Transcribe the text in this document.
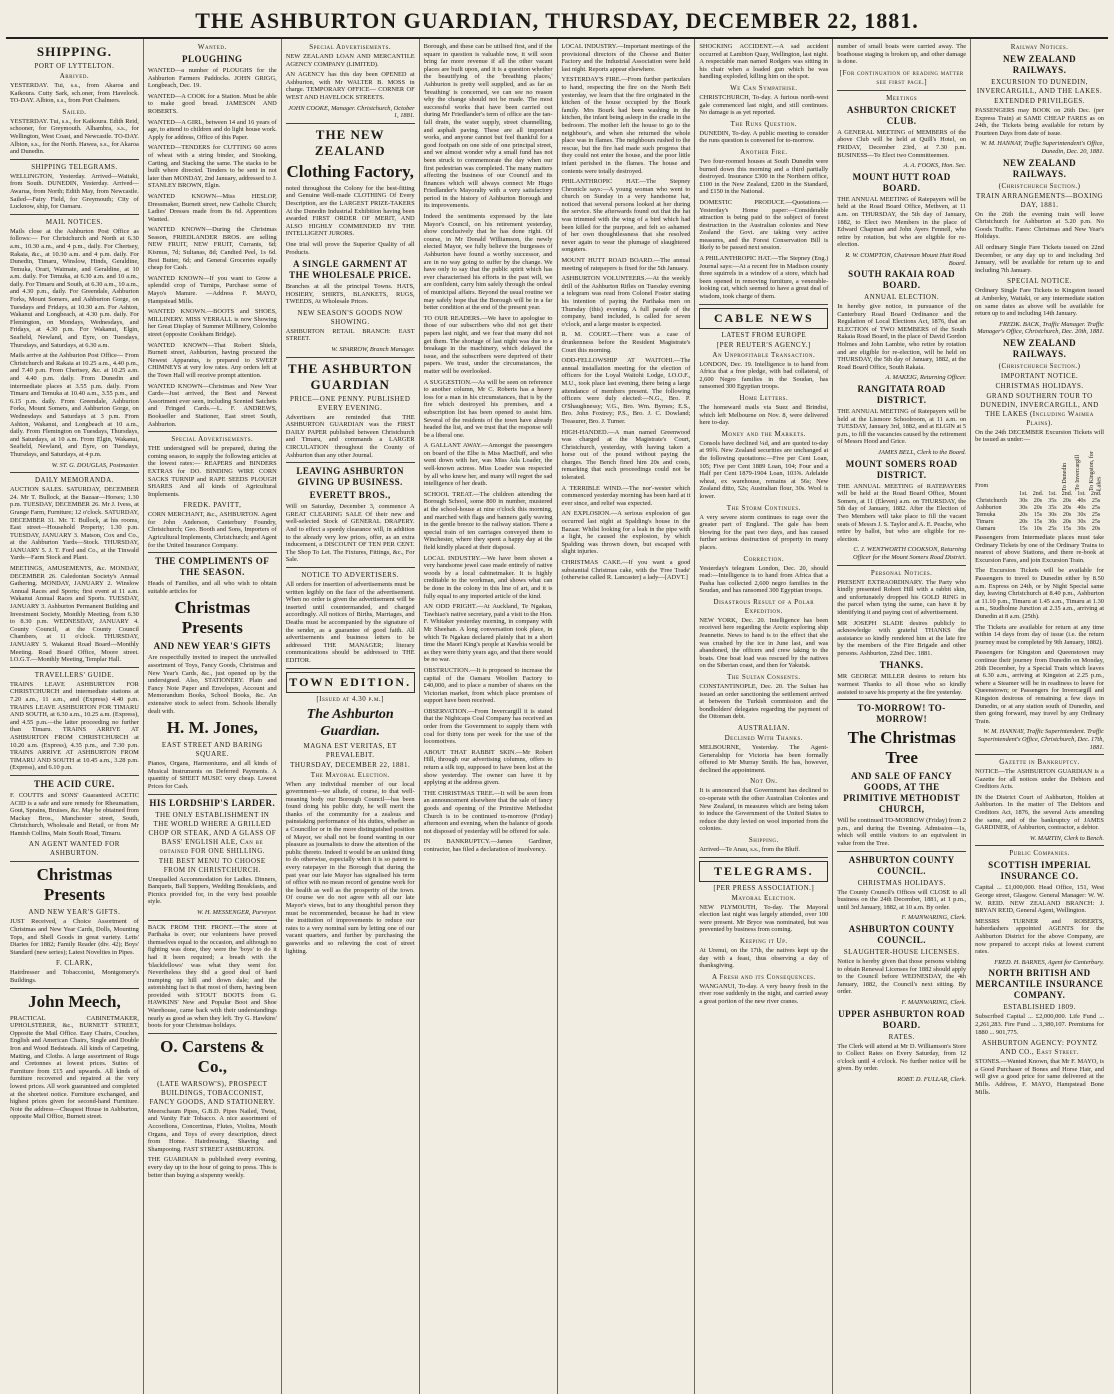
THE ASHBURTON GUARDIAN, THURSDAY, DECEMBER 22, 1881.
SHIPPING.
PORT OF LYTTELTON.
Arrived.
YESTERDAY. Tui, s.s., from Akaroa and Kaikoura. Cutty Sark, sch.oner, from Havelock. TO-DAY. Albion, s.s., from Port Chalmers.
Sailed.
YESTERDAY. Tui, s.s., for Kaikoura. Edith Reid, schooner, for Greymouth. Alhambra, s.s., for Wellington, West Coast, and Newcastle. TO-DAY. Albion, s.s., for the North. Hawea, s.s., for Akaroa and Dunedin.
SHIPPING TELEGRAMS.
WELLINGTON, Yesterday. Arrived—Waitaki, from South. DUNEDIN, Yesterday. Arrived—Awarua, from North; Edith May, from Newcastle. Sailed—Fairy Field, for Greymouth; City of Lucknow, ship, for Oamaru.
MAIL NOTICES.
Mails close at the Ashburton Post Office as follows:— For Christchurch and North at 6.30 a.m., 10.30 a.m., and 4 p.m., daily. For Chertsey, Rakaia, &c., at 10.30 a.m. and 4 p.m. daily. For Dunedin, Timaru, Winslow, Hinds, Geraldine, Temuka, Orari, Waimate, and Geraldine, at 10 a.m. daily. For Temuka, at 6.30 a.m. and 10 a.m., daily. For Timaru and South, at 6.30 a.m., 10 a.m., and 4.30 p.m., daily. For Greendale, Ashburton Forks, Mount Somers, and Ashburton Gorge, on Tuesdays and Fridays, at 10.30 a.m. For Ashton, Wakanui and Longbeach, at 4.30 p.m. daily. For Flemington, on Mondays, Wednesdays, and Fridays, at 4.30 p.m. For Wakanui, Elgin, Seafield, Newland, and Eyre, on Tuesdays, Thursdays, and Saturdays, at 6.30 a.m.
Mails arrive at the Ashburton Post Office— From Christchurch and Rakaia at 10.25 a.m., 4.40 p.m., and 7.40 p.m. From Chertsey, &c. at 10.25 a.m. and 4.40 p.m. daily. From Dunedin and intermediate places at 3.55 p.m. daily. From Timaru and Temuka at 10.40 a.m., 3.55 p.m., and 6.15 p.m. daily. From Greendale, Ashburton Forks, Mount Somers, and Ashburton Gorge, on Wednesdays and Saturdays at 3 p.m. From Ashton, Wakanui, and Longbeach at 10 a.m., daily. From Flemington on Tuesdays, Thursdays, and Saturdays, at 10 a.m. From Elgin, Wakanui, Seafield, Newland, and Eyre, on Tuesdays, Thursdays, and Saturdays, at 4 p.m.
W. ST. G. DOUGLAS, Postmaster.
DAILY MEMORANDA.
AUCTION SALES. SATURDAY, DECEMBER 24. Mr T. Bullock, at the Bazaar—Horses; 1.30 p.m. TUESDAY, DECEMBER 26. Mr J. Ivess, at Grange Farm, Furniture; 12 o'clock. SATURDAY, DECEMBER 31. Mr. T. Bullock, at his rooms, East street—Household Property; 1.30 p.m. TUESDAY, JANUARY 3. Matson, Cox and Co., at the Ashburton Yards—Stock. THURSDAY, JANUARY 5. J. T. Ford and Co., at the Tinwald Yards—Farm Stock and Plant.
MEETINGS, AMUSEMENTS, &c. MONDAY, DECEMBER 26. Caledonian Society's Annual Gathering. MONDAY, JANUARY 2. Winslow Annual Races and Sports; first event at 11 a.m. Wakanui Annual Races and Sports. TUESDAY, JANUARY 3. Ashburton Permanent Building and Investment Society, Monthly Meeting, from 6.30 to 8.30 p.m. WEDNESDAY, JANUARY 4. County Council, at the County Council Chambers, at 11 o'clock. THURSDAY, JANUARY 5. Wakanui Road Board—Monthly Meeting. Road Board Office, Moore street. I.O.G.T.—Monthly Meeting, Templar Hall.
TRAVELLERS' GUIDE.
TRAINS LEAVE ASHBURTON FOR CHRISTCHURCH and intermediate stations at 7.20 a.m., 11 a.m., and (Express) 4.40 p.m. TRAINS LEAVE ASHBURTON FOR TIMARU AND SOUTH, at 6.30 a.m., 10.25 a.m. (Express), and 4.55 p.m.—the latter proceeding no further than Timaru. TRAINS ARRIVE AT ASHBURTON FROM CHRISTCHURCH at 10.20 a.m. (Express), 4.35 p.m., and 7.30 p.m. TRAINS ARRIVE AT ASHBURTON FROM TIMARU AND SOUTH at 10.45 a.m., 3.28 p.m. (Express), and 6.10 p.m.
THE ACID CURE.
F. COUTTS and SONS' Guaranteed ACETIC ACID is a safe and sure remedy for Rheumatism, Gout, Sprains, Bruises, &c. May be obtained from Mackay Bros., Manchester street, South, Christchurch, Wholesale and Retail, or from Mr Hamish Collins, Main South Road, Timaru.
AN AGENT WANTED FOR ASHBURTON.
Christmas Presents
AND NEW YEAR'S GIFTS.
JUST Received, a Choice Assortment of Christmas and New Year Cards, Dolls, Mounting Tops, and Shell Goods in great variety. Letts' Diaries for 1882; Family Reader (div. 42); Boys' Standard (new series); Latest Novelties in Pipes.
F. CLARK,
Hairdresser and Tobacconist, Montgomery's Buildings.
John Meech,
PRACTICAL CABINETMAKER, UPHOLSTERER, &c., BURNETT STREET, Opposite the Mail Office. Easy Chairs, Couches, English and American Chairs, Single and Double Iron and Wood Bedsteads. All kinds of Carpeting, Matting, and Cloths. A large assortment of Rugs and Cretonnes at lowest prices. Suites of Furniture from £15 and upwards. All kinds of furniture recovered and repaired at the very lowest prices. All work guaranteed and completed at the shortest notice. Furniture exchanged, and highest prices given for second-hand Furniture. Note the address—Cheapest House in Ashburton, opposite Mail Office, Burnett street.
Wanted.
PLOUGHING
WANTED—a number of PLOUGHS for the Ashburton Farmers Paddocks. JOHN GRIGG, Longbeach, Dec. 19.
WANTED—A COOK for a Station. Must be able to make good bread. JAMESON AND ROBERTS.
WANTED—A GIRL, between 14 and 16 years of age, to attend to children and do light house work. Apply for address, Office of this Paper.
WANTED—TENDERS for CUTTING 60 acres of wheat with a string binder, and Stooking, Carting, and Stacking the same. The stacks to be built where directed. Tenders to be sent in not later than MONDAY, 2nd January, addressed to J. STANLEY BROWN, Elgin.
WANTED KNOWN—Miss HESLOP, Dressmaker, Burnett street, new Catholic Church; Ladies' Dresses made from 8s 6d. Apprentices Wanted.
WANTED KNOWN—During the Christmas Season, FRIEDLANDER BROS. are selling NEW FRUIT, NEW FRUIT, Currants, 6d; Kismus, 7d; Sultanas, 8d; Candied Peel, 1s 6d. Best Butter, 6d; and General Groceries equally cheap for Cash.
WANTED KNOWN—If you want to Grow a splendid crop of Turnips, Purchase some of Mayo's Manure. —Address F. MAYO, Hampstead Mills.
WANTED KNOWN.—BOOTS and SHOES, MILLINERY. MISS VERRALL is now Showing her Great Display of Summer Millinery, Colombo street (opposite Cookham Bridge).
WANTED KNOWN—That Robert Shiels, Burnett street, Ashburton, having procured the Newest Apparatus, is prepared to SWEEP CHIMNEYS at very low rates. Any orders left at the Town Hall will receive prompt attention.
WANTED KNOWN—Christmas and New Year Cards—Just arrived, the Best and Newest Assortment ever seen, including Scented Satchets and Fringed Cards.—L. F. ANDREWS, Bookseller and Stationer, East street South, Ashburton.
Special Advertisements.
THE undersigned will be prepared, during the coming season, to supply the following articles at the lowest rates:— REAPERS and BINDERS EXTRAS for DO. BINDING WIRE CORN SACKS TURNIP and RAPE SEEDS PLOUGH SHARES And all kinds of Agricultural Implements.
FREDK. PAVITT,
CORN MERCHANT, &c., ASHBURTON. Agent for John Anderson, Canterbury Foundry, Christchurch; Geo. Booth and Sons, Importers of Agricultural Implements, Christchurch; and Agent for the United Insurance Company.
THE COMPLIMENTS OF THE SEASON.
Heads of Families, and all who wish to obtain suitable articles for
Christmas Presents
AND NEW YEAR'S GIFTS
Are respectfully invited to inspect the unrivalled assortment of Toys, Fancy Goods, Christmas and New Year's Cards, &c., just opened up by the undersigned. Also, STATIONERY. Plain and Fancy Note Paper and Envelopes, Account and Memorandum Books, School Books, &c. An extensive stock to select from. Schools liberally dealt with.
H. M. Jones,
EAST STREET AND BARING SQUARE.
Pianos, Organs, Harmoniums, and all kinds of Musical Instruments on Deferred Payments. A quantity of SHEET MUSIC very cheap. Lowest Prices for Cash.
HIS LORDSHIP'S LARDER.
THE ONLY ESTABLISHMENT IN THE WORLD WHERE A GRILLED CHOP OR STEAK, AND A GLASS OF BASS' ENGLISH ALE, Can be obtained FOR ONE SHILLING.
THE BEST MENU TO CHOOSE FROM IN CHRISTCHURCH.
Unequalled Accommodation for Ladies. Dinners, Banquets, Ball Suppers, Wedding Breakfasts, and Picnics provided for, in the very best possible style.
W. H. MESSENGER, Purveyor.
BACK FROM THE FRONT.—The store at Parihaka is over; our volunteers have proved themselves equal to the occasion, and although no fighting was done, they were the 'boys' to do it had it been required; a breath with the 'blackfellows' was what they went for. Nevertheless they did a good deal of hard tramping up hill and down dale; and the astonishing fact is that most of them, having been provided with STOUT BOOTS from G. HAWKINS' New and Popular Boot and Shoe Warehouse, came back with their understandings nearly as good as when they left. Try G. Hawkins' boots for your Christmas holidays.
O. Carstens & Co.,
(LATE WARSOW'S), PROSPECT BUILDINGS, TOBACCONIST, FANCY GOODS, AND STATIONERY.
Meerschaum Pipes, G.B.D. Pipes Nailed, Twist, and Vanity Fair Tobacco. A nice assortment of Accordions, Concertinas, Flutes, Violins, Mouth Organs, and Toys of every description, direct from Home. Hairdressing, Shaving and Shampooing. FAST STREET ASHBURTON.
THE GUARDIAN is published every evening, every day up to the hour of going to press. This is better than buying a sixpenny weekly.
Special Advertisements.
NEW ZEALAND LOAN AND MERCANTILE AGENCY COMPANY (LIMITED).
AN AGENCY has this day been OPENED at Ashburton, with Mr WALTER B. MOSS in charge. TEMPORARY OFFICE— CORNER OF WEST AND HAVELOCK STREETS.
JOHN COOKE, Manager. Christchurch, October 1, 1881.
THE NEW ZEALAND
Clothing Factory,
noted throughout the Colony for the best-fitting and Genuine Well-made CLOTHING Of Every Description, are the LARGEST PRIZE-TAKERS At the Dunedin Industrial Exhibition having been awarded FIRST ORDER OF MERIT, AND ALSO HIGHLY COMMENDED BY THE INTELLIGENT JURORS.
One trial will prove the Superior Quality of all Products.
A SINGLE GARMENT AT THE WHOLESALE PRICE.
Branches at all the principal Towns. HATS, HOSIERY, SHIRTS, BLANKETS, RUGS, TWEEDS, At Wholesale Prices.
NEW SEASON'S GOODS NOW SHOWING.
ASHBURTON RETAIL BRANCH: EAST STREET.
W. SPARROW, Branch Manager.
THE ASHBURTON GUARDIAN
PRICE—ONE PENNY. PUBLISHED EVERY EVENING.
Advertisers are reminded that THE ASHBURTON GUARDIAN was the FIRST DAILY PAPER published between Christchurch and Timaru, and commands a LARGER CIRCULATION throughout the County of Ashburton than any other Journal.
LEAVING ASHBURTON GIVING UP BUSINESS.
EVERETT BROS.,
Will on Saturday, December 3, commence A GREAT CLEARING SALE Of their new and well-selected Stock of GENERAL DRAPERY. And to effect a speedy clearance will, in addition to the already very low prices, offer, as an extra inducement, a DISCOUNT OF TEN PER CENT. The Shop To Let. The Fixtures, Fittings, &c., For Sale.
NOTICE TO ADVERTISERS.
All orders for insertion of advertisements must be written legibly on the face of the advertisement. When no order is given the advertisement will be inserted until countermanded, and charged accordingly. All notices of Births, Marriages, and Deaths must be accompanied by the signature of the sender, as a guarantee of good faith. All advertisements and business letters to be addressed THE MANAGER; literary communications should be addressed to THE EDITOR.
TOWN EDITION.
[Issued at 4.30 p.m.]
The Ashburton Guardian.
MAGNA EST VERITAS, ET PREVALEBIT.
THURSDAY, DECEMBER 22, 1881.
The Mayoral Election.
When any individual member of our local government—we allude, of course, to that well-meaning body our Borough Council—has been found doing his public duty, he will merit the thanks of the community for a zealous and painstaking performance of his duties, whether as a Councillor or in the more distinguished position of Mayor, we shall not be found wanting in our pleasure as journalists to draw the attention of the public thereto. Indeed it would be an unkind thing to do otherwise, especially when it is so patent to every ratepayer in the Borough that during the past year our late Mayor has signalised his term of office with no mean record of genuine work for the health as well as the prosperity of the town. Of course we do not agree with all our late Mayor's views, but to any thoughtful person they must be recommended, because he had in view the institution of improvements to reduce our rates to a very nominal sum by letting one of our vacant quarters, and further by purchasing the gasworks and so relieving the cost of street lighting.
Borough, and these can be utilised first, and if the square in question is valuable now, it will soon bring far more revenue if all the other vacant places are built upon, and it is a question whether the beautifying of the 'breathing places,' Ashburton is pretty well supplied, and as far as 'breathing' is concerned, we can see no reason why the change should not be made. The most successful works that have been carried out during Mr Friedlander's term of office are the tan-fall drain, the water supply, street channelling, and asphalt paving. These are all important works, and anyone cannot but feel thankful for a good footpath on one side of one principal street, and we almost wonder why a small fund has not been struck to commemorate the day when our first pedestrian was completed. The many matters affecting the business of our Council and its finances which will always connect Mr Hugo Friedlander's Mayoralty with a very satisfactory period in the history of Ashburton Borough and its improvements.
Indeed the sentiments expressed by the late Mayor's Council, on his retirement yesterday, show conclusively that he has done right. Of course, in Mr Donald Williamson, the newly elected Mayor, we fully believe the burgesses of Ashburton have found a worthy successor, and are in no way going to suffer by the change. We have only to say that the public spirit which has ever characterised his efforts in the past will, we are confident, carry him safely through the ordeal of municipal affairs. Beyond the usual routine we may safely hope that the Borough will be in a far better condition at the end of the present year.
TO OUR READERS.—We have to apologise to those of our subscribers who did not get their papers last night, and we fear that many did not get them. The shortage of last night was due to a breakage in the machinery, which delayed the issue, and the subscribers were deprived of their papers. We trust, under the circumstances, the matter will be overlooked.
A SUGGESTION.—As will be seen on reference to another column, Mr C. Roberts has a heavy loss for a man in his circumstances, that is by the fire which destroyed his premises, and a subscription list has been opened to assist him. Several of the residents of the town have already headed the list, and we trust that the response will be a liberal one.
A GALLANT AWAY.—Amongst the passengers on board of the Elbe is Miss MacDuff, and who went down with her, was Miss Ada Loader, the well-known actress. Miss Loader was respected by all who knew her, and many will regret the sad intelligence of her death.
SCHOOL TREAT.—The children attending the Borough School, some 800 in number, mustered at the school-house at nine o'clock this morning, and marched with flags and banners gaily waving in the gentle breeze to the railway station. There a special train of ten carriages conveyed them to Winchester, where they spent a happy day at the field kindly placed at their disposal.
LOCAL INDUSTRY.—We have been shown a very handsome jewel case made entirely of native woods by a local cabinetmaker. It is highly creditable to the workman, and shows what can be done in the colony in this line of art, and it is fully equal to any imported article of the kind.
AN ODD FRIGHT.—At Auckland, Te Ngakau, Tawhiao's native secretary, paid a visit to the Hon. F. Whitaker yesterday morning, in company with Mr Sheehan. A long conversation took place, in which Te Ngakau declared plainly that in a short time the Maori King's people at Kawhia would be as they were thirty years ago, and that there would be no war.
OBSTRUCTION.—It is proposed to increase the capital of the Oamaru Woollen Factory to £40,000, and to place a number of shares on the Victorian market, from which place promises of support have been received.
OBSERVATION.—From Invercargill it is stated that the Nightcaps Coal Company has received an order from the Government to supply them with coal for thirty tons per week for the use of the locomotives.
ABOUT THAT RABBIT SKIN.—Mr Robert Hill, through our advertising columns, offers to return a silk top, supposed to have been lost at the show yesterday. The owner can have it by applying at the address given.
THE CHRISTMAS TREE.—It will be seen from an announcement elsewhere that the sale of fancy goods and opening of the Primitive Methodist Church is to be continued to-morrow (Friday) afternoon and evening, when the balance of goods not disposed of yesterday will be offered for sale.
IN BANKRUPTCY.—James Gardiner, contractor, has filed a declaration of insolvency.
LOCAL INDUSTRY.—Important meetings of the provisional directors of the Cheese and Butter Factory and the Industrial Association were held last night. Reports appear elsewhere.
YESTERDAY'S FIRE.—From further particulars to hand, respecting the fire on the North Belt yesterday, we learn that the fire originated in the kitchen of the house occupied by the Bourk family. Mrs Bourk had been washing in the kitchen, the infant being asleep in the cradle in the bedroom. The mother left the house to go to the neighbour's, and when she returned the whole place was in flames. The neighbours rushed to the rescue, but the fire had made such progress that they could not enter the house, and the poor little infant perished in the flames. The house and contents were totally destroyed.
PHILANTHROPIC HAT.—The Stepney Chronicle says:—A young woman who went to church on Sunday in a very handsome hat, noticed that several persons looked at her during the service. She afterwards found out that the hat was trimmed with the wing of a bird which had been killed for the purpose, and felt so ashamed of her own thoughtlessness that she resolved never again to wear the plumage of slaughtered songsters.
MOUNT HUTT ROAD BOARD.—The annual meeting of ratepayers is fixed for the 5th January.
ASHBURTON VOLUNTEERS.—At the weekly drill of the Ashburton Rifles on Tuesday evening a telegram was read from Colonel Foster stating his intention of paying the Parihaka men on Thursday (this) evening. A full parade of the company, band included, is called for seven o'clock, and a large muster is expected.
R. M. COURT.—There was a case of drunkenness before the Resident Magistrate's Court this morning.
ODD-FELLOWSHIP AT WAITOHI.—The annual installation meeting for the election of officers for the Loyal Waitohi Lodge, I.O.O.F., M.U., took place last evening, there being a large attendance of members present. The following officers were duly elected:—N.G., Bro. P. O'Shaughnessy; V.G., Bro. Wm. Byrnes; E.S., Bro. John Foxtrey; P.S., Bro. J. C. Dowland; Treasurer, Bro. J. Turner.
HIGH-HANDED.—A man named Greenwood was charged at the Magistrate's Court, Christchurch, yesterday, with having taken a horse out of the pound without paying the charges. The Bench fined him 20s and costs, remarking that such proceedings could not be tolerated.
A TERRIBLE WIND.—The nor'-wester which commenced yesterday morning has been hard at it ever since, and relief was expected.
AN EXPLOSION.—A serious explosion of gas occurred last night at Spalding's house in the Bazaar. Whilst looking for a leak in the pipe with a light, he caused the explosion, by which Spalding was thrown down, but escaped with slight injuries.
CHRISTMAS CAKE.—If you want a good substantial Christmas cake, with the 'Free Trade' (otherwise called R. Lancaster) a lady—[ADVT.]
SHOCKING ACCIDENT.—A sad accident occurred at Lambton Quay, Wellington, last night. A respectable man named Rodgers was sitting in his chair when a loaded gun which he was handling exploded, killing him on the spot.
We Can Sympathise.
CHRISTCHURCH, To-day. A furious north-west gale commenced last night, and still continues. No damage is as yet reported.
The Runs Question.
DUNEDIN, To-day. A public meeting to consider the runs question is convened for to-morrow.
Another Fire.
Two four-roomed houses at South Dunedin were burned down this morning and a third partially destroyed. Insurance £300 in the Northern office, £100 in the New Zealand, £200 in the Standard, and £150 in the National.
DOMESTIC PRODUCE.—Quotations.—Yesterday's Home paper:—Considerable attraction is being paid to the subject of forest destruction in the Australian colonies and New Zealand the Govt. are taking very active measures, and the Forest Conservation Bill is likely to be passed next session.
A PHILANTHROPIC HAT.—The Stepney (Eng.) Journal says:—At a recent fire in Madison county three squirrels in a window of a store, which had been opened in removing furniture, a venerable-looking cat, which seemed to have a great deal of wisdom, took charge of them.
CABLE NEWS
LATEST FROM EUROPE
[PER REUTER'S AGENCY.]
An Unprofitable Transaction.
LONDON, Dec. 19. Intelligence is to hand from Africa that a free pledge, with bad collateral, of 2,600 Negro families in the Soudan, has ransomed 300 Egyptian troops.
Home Letters.
The homeward mails via Suez and Brindisi, which left Melbourne on Nov. 8, were delivered here to-day.
Money and the Markets.
Consols have declined ¼d, and are quoted to-day at 99¾. New Zealand securities are unchanged at the following quotations:—Five per Cent Loan, 105; Five per Cent 1889 Loan, 104; Four and a Half per Cent 1879-1904 Loan, 103⅝. Adelaide wheat, ex warehouse, remains at 56s; New Zealand ditto, 52s; Australian flour, 30s. Wool is lower.
The Storm Continues.
A very severe storm continues to rage over the greater part of England. The gale has been blowing for the past two days, and has caused further serious destruction of property in many places.
Correction.
Yesterday's telegram London, Dec. 20, should read:—Intelligence is to hand from Africa that a Pasha has collected 2,600 negro families in the Soudan, and has ransomed 300 Egyptian troops.
Disastrous Result of a Polar Expedition.
NEW YORK, Dec. 20. Intelligence has been received here regarding the Arctic exploring ship Jeannette. News to hand is to the effect that she was crushed by the ice in June last, and was abandoned, the officers and crew taking to the boats. One boat load was rescued by the natives on the Siberian coast, and then for Yakutsk.
The Sultan Consents.
CONSTANTINOPLE, Dec. 20. The Sultan has issued an order sanctioning the settlement arrived at between the Turkish commission and the bondholders' delegates regarding the payment of the Ottoman debt.
AUSTRALIAN.
Declined With Thanks.
MELBOURNE, Yesterday. The Agent-Generalship for Victoria has been formally offered to Mr Murray Smith. He has, however, declined the appointment.
Not On.
It is announced that Government has declined to co-operate with the other Australian Colonies and New Zealand, in measures which are being taken to induce the Government of the United States to reduce the duty levied on wool imported from the colonies.
Shipping.
Arrived—Te Anau, s.s., from the Bluff.
TELEGRAMS.
[PER PRESS ASSOCIATION.]
Mayoral Election.
NEW PLYMOUTH, To-day. The Mayoral election last night was largely attended, over 100 were present. Mr Bryce was nominated, but was prevented by business from coming.
Keeping it Up.
At Urenui, on the 17th, the natives kept up the day with a feast, thus observing a day of thanksgiving.
A Fresh and its Consequences.
WANGANUI, To-day. A very heavy fresh in the river rose suddenly in the night, and carried away a great portion of the new river cranes.
number of small boats were carried away. The boathouse staging is broken up, and other damage is done.
[For continuation of reading matter see first page.]
Meetings
ASHBURTON CRICKET CLUB.
A GENERAL MEETING of MEMBERS of the above Club will be held at Quill's Hotel, on FRIDAY, December 23rd, at 7.30 p.m. BUSINESS—To Elect two Committeemen.
A. A. FOOKS, Hon. Sec.
MOUNT HUTT ROAD BOARD.
THE ANNUAL MEETING of Ratepayers will be held at the Road Board Office, Methven, at 11 a.m. on THURSDAY, the 5th day of January, 1882, to Elect two Members in the place of Edward Chapman and John Ayers Fennell, who retire by rotation, but who are eligible for re-election.
R. W. COMPTON, Chairman Mount Hutt Road Board.
SOUTH RAKAIA ROAD BOARD.
ANNUAL ELECTION.
In hereby give notice, in pursuance of the Canterbury Road Board Ordinance and the Regulation of Local Elections Act, 1876, that an ELECTION of TWO MEMBERS of the South Rakaia Road Board, in the place of David Gordon Holmes and John Lambie, who retire by rotation and are eligible for re-election, will be held on THURSDAY, the 5th day of January, 1882, at the Road Board Office, South Rakaia.
A. MAKEIG, Returning Officer.
RANGITATA ROAD DISTRICT.
THE ANNUAL MEETING of Ratepayers will be held at the Lismore Schoolroom, at 11 a.m. on TUESDAY, January 3rd, 1882, and at ELGIN at 5 p.m., to fill the vacancies caused by the retirement of Messrs Hood and Grice.
JAMES BELL, Clerk to the Board.
MOUNT SOMERS ROAD DISTRICT.
THE ANNUAL MEETING of RATEPAYERS will be held at the Road Board Office, Mount Somers, at 11 (Eleven) a.m. on THURSDAY, the 5th day of January, 1882. After the Election of Two Members will take place to fill the vacant seats of Messrs J. S. Taylor and A. E. Peache, who retire by ballot, but who are eligible for re-election.
C. J. WENTWORTH COOKSON, Returning Officer for the Mount Somers Road District.
Personal Notices.
PRESENT EXTRAORDINARY. The Party who kindly presented Robert Hill with a rabbit skin, and unfortunately dropped his GOLD RING in the parcel when tying the same, can have it by identifying it and paying cost of advertisement.
MR JOSEPH SLADE desires publicly to acknowledge with grateful THANKS the assistance so kindly rendered him at the late fire by the members of the Fire Brigade and other persons. Ashburton, 22nd Dec. 1881.
THANKS.
MR GEORGE MILLER desires to return his warmest Thanks to all those who so kindly assisted to save his property at the fire yesterday.
TO-MORROW! TO-MORROW!
The Christmas Tree
AND SALE OF FANCY GOODS, AT THE PRIMITIVE METHODIST CHURCH,
Will be continued TO-MORROW (Friday) from 2 p.m., and during the Evening. Admission—1s, which will entitle visitors to an equivalent in value from the Tree.
ASHBURTON COUNTY COUNCIL.
CHRISTMAS HOLIDAYS.
The County Council's Offices will CLOSE to all business on the 24th December, 1881, at 1 p.m., until 3rd January, 1882, at 10 a.m. By order.
F. MAINWARING, Clerk.
ASHBURTON COUNTY COUNCIL.
SLAUGHTER-HOUSE LICENSES.
Notice is hereby given that those persons wishing to obtain Renewal Licenses for 1882 should apply to the Council before WEDNESDAY, the 4th January, 1882, the Council's next sitting. By order.
F. MAINWARING, Clerk.
UPPER ASHBURTON ROAD BOARD.
RATES.
The Clerk will attend at Mr D. Williamson's Store to Collect Rates on Every Saturday, from 12 o'clock until 4 o'clock. No further notice will be given. By order.
ROBT. D. FULLAR, Clerk.
Railway Notices.
NEW ZEALAND RAILWAYS.
EXCURSION TO DUNEDIN, INVERCARGILL, AND THE LAKES.
EXTENDED PRIVILEGES.
PASSENGERS may BOOK on 26th Dec. (per Express Train) at SAME CHEAP FARES as on 24th, the Tickets being available for return by Fourteen Days from date of issue.
W. M. HANNAY, Traffic Superintendent's Office, Dunedin, Dec. 20, 1881.
NEW ZEALAND RAILWAYS.
(Christchurch Section.)
TRAIN ARRANGEMENTS—BOXING DAY, 1881.
On the 26th the evening train will leave Christchurch for Ashburton at 5.20 p.m. No Goods Traffic. Fares: Christmas and New Year's Holidays.
All ordinary Single Fare Tickets issued on 22nd December, or any day up to and including 3rd January, will be available for return up to and including 7th January.
SPECIAL NOTICE.
Ordinary Single Fare Tickets to Kingston issued at Amberley, Waitaki, or any intermediate station on same dates as above will be available for return up to and including 14th January.
FREDK. BACK, Traffic Manager. Traffic Manager's Office, Christchurch, Dec. 20th, 1881.
NEW ZEALAND RAILWAYS.
(Christchurch Section.)
IMPORTANT NOTICE.
CHRISTMAS HOLIDAYS.
GRAND SOUTHERN TOUR TO DUNEDIN, INVERCARGILL, AND THE LAKES (Including Waimea Plains).
On the 24th DECEMBER Excursion Tickets will be issued as under:—
From	To Dunedin To Invercargill To Kingston, for Lakes
	1st.	2nd.	1st.	2nd.	1st.	2nd.
Christchurch	30s	20s	35s	20s	40s	25s
Ashburton	30s	20s	35s	20s	40s	25s
Temuka	20s	15s	30s	20s	30s	25s
Timaru	20s	15s	30s	20s	30s	25s
Oamaru	15s	10s	25s	15s	30s	20s
Passengers from Intermediate places must take Ordinary Tickets by one of the Ordinary Trains to nearest of above Stations, and there re-book at Excursion Fares, and join Excursion Train.
The Excursion Tickets will be available for Passengers to travel to Dunedin either by 8.50 a.m. Express on 24th, or by Night Special same day, leaving Christchurch at 8.40 p.m., Ashburton at 11.10 p.m., Timaru at 1.45 a.m., Timaru at 1.30 a.m., Studholme Junction at 2.35 a.m., arriving at Dunedin at 8 a.m. (25th).
The Tickets are available for return at any time within 14 days from day of issue (i.e. the return journey must be completed by 9th January, 1882).
Passengers for Kingston and Queenstown may continue their journey from Dunedin on Monday, 26th December, by a Special Train which leaves at 6.30 a.m., arriving at Kingston at 2.25 p.m., where a Steamer will be in readiness to leave for Queenstown; or Passengers for Invercargill and Kingston desirous of remaining a few days in Dunedin, or at any station south of Dunedin, and then going forward, may travel by any Ordinary Train.
W. M. HANNAY, Traffic Superintendent. Traffic Superintendent's Office, Christchurch, Dec. 17th, 1881.
Gazette in Bankruptcy.
NOTICE—The ASHBURTON GUARDIAN is a Gazette for all notices under the Debtors and Creditors Acts.
IN the District Court of Ashburton, Holden at Ashburton. In the matter of The Debtors and Creditors Act, 1876, the several Acts amending the same, and of the bankruptcy of JAMES GARDINER, of Ashburton, contractor, a debtor.
W. MARTIN, Clerk to Bench.
Public Companies.
SCOTTISH IMPERIAL INSURANCE CO.
Capital ... £1,000,000. Head Office, 151, West George street, Glasgow. General Manager: W. W. W. REID. NEW ZEALAND BRANCH: J. BRYAN REID, General Agent, Wellington.
MESSRS TURNER and ROBERTS, haberdashers appointed AGENTS for the Ashburton District for the above Company, are now prepared to accept risks at lowest current rates.
FRED. H. BARNES, Agent for Canterbury.
NORTH BRITISH AND MERCANTILE INSURANCE COMPANY.
ESTABLISHED 1809.
Subscribed Capital ... £2,000,000. Life Fund ... 2,261,283. Fire Fund ... 3,380,107. Premiums for 1880 ... 901,775.
ASHBURTON AGENCY: POYNTZ AND CO., East Street.
STONES.—Wanted Known, that Mr F. MAYO, is a Good Purchaser of Bones and Horse Hair, and will give a good price for same delivered at the Mills. Address, F. MAYO, Hampstead Bone Mills.
